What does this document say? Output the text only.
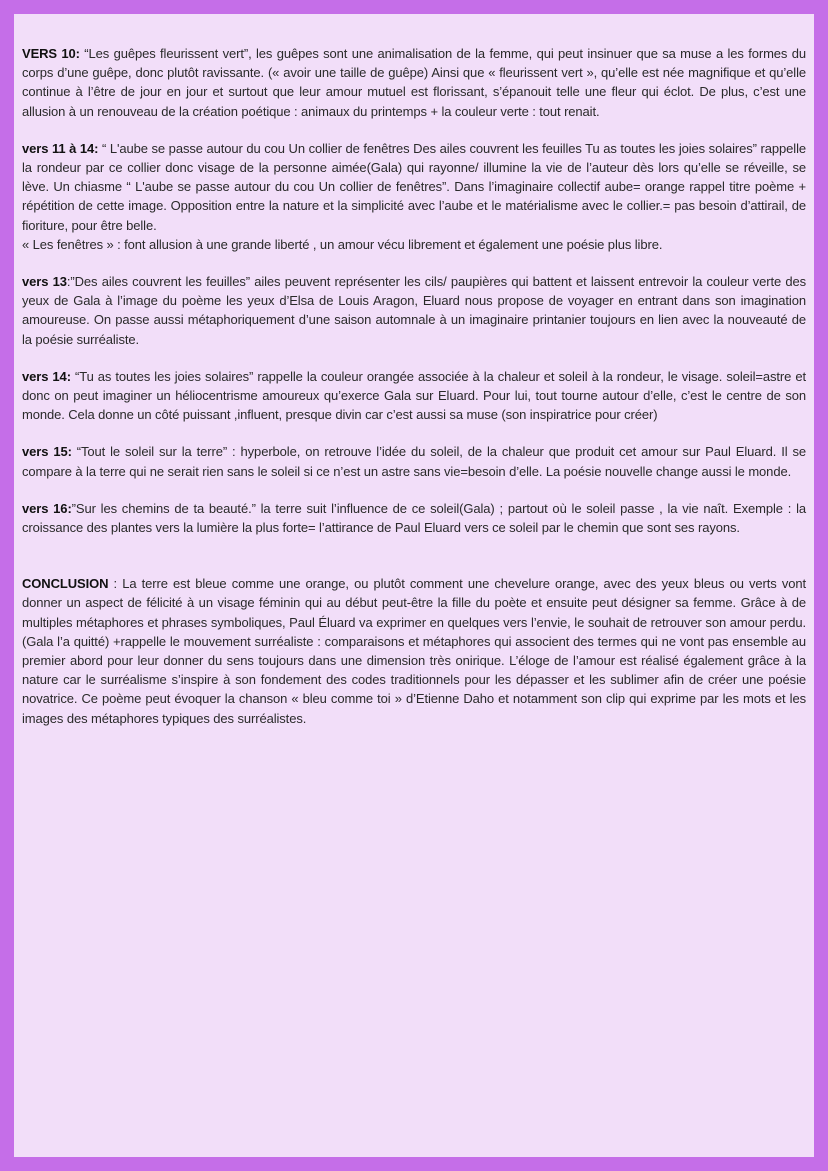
VERS 10: “Les guêpes fleurissent vert”, les guêpes sont une animalisation de la femme, qui peut insinuer que sa muse a les formes du corps d’une guêpe, donc plutôt ravissante. (« avoir une taille de guêpe) Ainsi que « fleurissent vert », qu’elle est née magnifique et qu’elle continue à l’être de jour en jour et surtout que leur amour mutuel est florissant, s’épanouit telle une fleur qui éclot. De plus, c’est une allusion à un renouveau de la création poétique : animaux du printemps + la couleur verte : tout renait.

vers 11 à 14: “ L'aube se passe autour du cou Un collier de fenêtres Des ailes couvrent les feuilles Tu as toutes les joies solaires” rappelle la rondeur par ce collier donc visage de la personne aimée(Gala) qui rayonne/ illumine la vie de l’auteur dès lors qu’elle se réveille, se lève. Un chiasme “ L'aube se passe autour du cou Un collier de fenêtres”. Dans l’imaginaire collectif aube= orange rappel titre poème + répétition de cette image. Opposition entre la nature et la simplicité avec l’aube et le matérialisme avec le collier.= pas besoin d’attirail, de fioriture, pour être belle.
« Les fenêtres » : font allusion à une grande liberté , un amour vécu librement et également une poésie plus libre.

vers 13:”Des ailes couvrent les feuilles” ailes peuvent représenter les cils/ paupières qui battent et laissent entrevoir la couleur verte des yeux de Gala à l’image du poème les yeux d’Elsa de Louis Aragon, Eluard nous propose de voyager en entrant dans son imagination amoureuse. On passe aussi métaphoriquement d’une saison automnale à un imaginaire printanier toujours en lien avec la nouveauté de la poésie surréaliste.

vers 14: “Tu as toutes les joies solaires” rappelle la couleur orangée associée à la chaleur et soleil à la rondeur, le visage. soleil=astre et donc on peut imaginer un héliocentrisme amoureux qu’exerce Gala sur Eluard. Pour lui, tout tourne autour d’elle, c’est le centre de son monde. Cela donne un côté puissant ,influent, presque divin car c’est aussi sa muse (son inspiratrice pour créer)

vers 15: “Tout le soleil sur la terre” : hyperbole, on retrouve l’idée du soleil, de la chaleur que produit cet amour sur Paul Eluard. Il se compare à la terre qui ne serait rien sans le soleil si ce n’est un astre sans vie=besoin d’elle. La poésie nouvelle change aussi le monde.

vers 16:”Sur les chemins de ta beauté.” la terre suit l’influence de ce soleil(Gala) ; partout où le soleil passe , la vie naît. Exemple : la croissance des plantes vers la lumière la plus forte= l’attirance de Paul Eluard vers ce soleil par le chemin que sont ses rayons.

CONCLUSION : La terre est bleue comme une orange, ou plutôt comment une chevelure orange, avec des yeux bleus ou verts vont donner un aspect de félicité à un visage féminin qui au début peut-être la fille du poète et ensuite peut désigner sa femme. Grâce à de multiples métaphores et phrases symboliques, Paul Éluard va exprimer en quelques vers l’envie, le souhait de retrouver son amour perdu. (Gala l’a quitté) +rappelle le mouvement surréaliste : comparaisons et métaphores qui associent des termes qui ne vont pas ensemble au premier abord pour leur donner du sens toujours dans une dimension très onirique. L’éloge de l’amour est réalisé également grâce à la nature car le surréalisme s’inspire à son fondement des codes traditionnels pour les dépasser et les sublimer afin de créer une poésie novatrice. Ce poème peut évoquer la chanson « bleu comme toi » d’Etienne Daho et notamment son clip qui exprime par les mots et les images des métaphores typiques des surréalistes.
